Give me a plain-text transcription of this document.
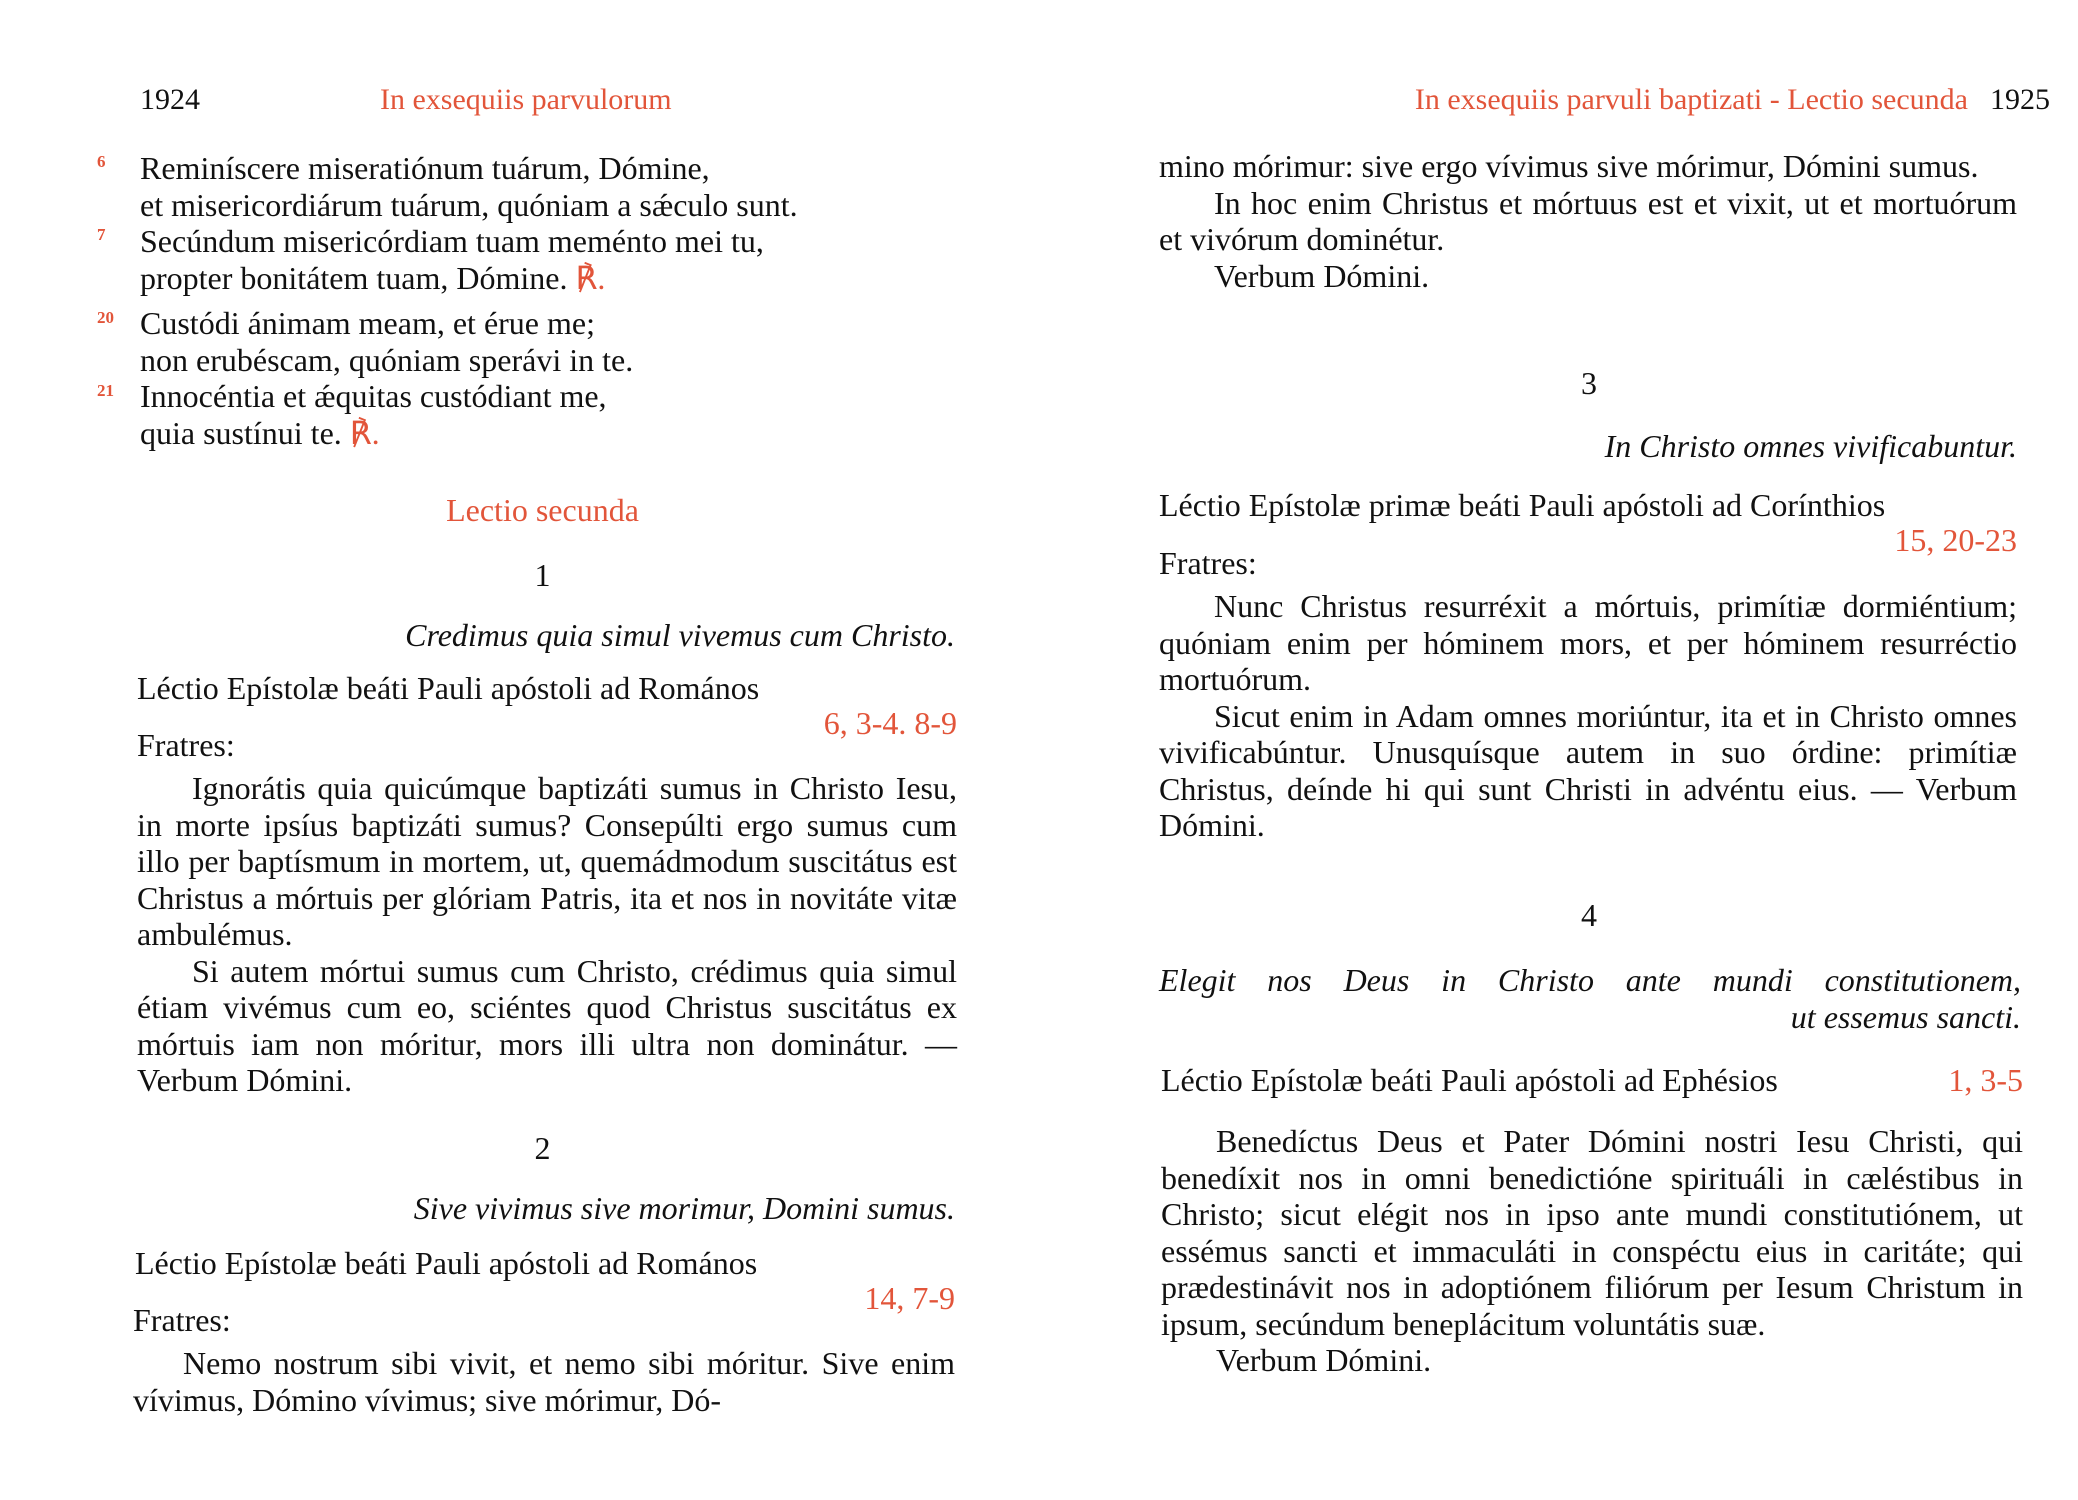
1924	In exsequiis parvulorum
6 Reminíscere miseratiónum tuárum, Dómine,
et misericordiárum tuárum, quóniam a sǽculo sunt.
7 Secúndum misericórdiam tuam meménto mei tu,
propter bonitátem tuam, Dómine. ℟.
20 Custódi ánimam meam, et érue me;
non erubéscam, quóniam sperávi in te.
21 Innocéntia et ǽquitas custódiant me,
quia sustínui te. ℟.
Lectio secunda
1
Credimus quia simul vivemus cum Christo.
Léctio Epístolæ beáti Pauli apóstoli ad Romános
6, 3-4. 8-9
Fratres:

Ignorátis quia quicúmque baptizáti sumus in Christo Iesu, in morte ipsíus baptizáti sumus? Consepúlti ergo sumus cum illo per baptísmum in mortem, ut, quemádmodum suscitátus est Christus a mórtuis per glóriam Patris, ita et nos in novitáte vitæ ambulémus.

Si autem mórtui sumus cum Christo, crédimus quia simul étiam vivémus cum eo, sciéntes quod Christus suscitátus ex mórtuis iam non móritur, mors illi ultra non dominátur. — Verbum Dómini.

2
Sive vivimus sive morimur, Domini sumus.
Léctio Epístolæ beáti Pauli apóstoli ad Romános
14, 7-9
Fratres:

Nemo nostrum sibi vivit, et nemo sibi móritur. Sive enim vívimus, Dómino vívimus; sive mórimur, Dó-

In exsequiis parvuli baptizati - Lectio secunda 1925

mino mórimur: sive ergo vívimus sive mórimur, Dómini sumus.

In hoc enim Christus et mórtuus est et vixit, ut et mortuórum et vivórum dominétur.

Verbum Dómini.

3
In Christo omnes vivificabuntur.
Léctio Epístolæ primæ beáti Pauli apóstoli ad Corínthios
15, 20-23
Fratres:

Nunc Christus resurréxit a mórtuis, primítiæ dormiéntium; quóniam enim per hóminem mors, et per hóminem resurréctio mortuórum.

Sicut enim in Adam omnes moriúntur, ita et in Christo omnes vivificabúntur. Unusquísque autem in suo órdine: primítiæ Christus, deínde hi qui sunt Christi in advéntu eius. — Verbum Dómini.

4
Elegit nos Deus in Christo ante mundi constitutionem,
ut essemus sancti.
Léctio Epístolæ beáti Pauli apóstoli ad Ephésios	1, 3-5

Benedíctus Deus et Pater Dómini nostri Iesu Christi, qui benedíxit nos in omni benedictióne spirituáli in cæléstibus in Christo; sicut elégit nos in ipso ante mundi constitutiónem, ut essémus sancti et immaculáti in conspéctu eius in caritáte; qui prædestinávit nos in adoptiónem filiórum per Iesum Christum in ipsum, secúndum beneplácitum voluntátis suæ.

Verbum Dómini.
